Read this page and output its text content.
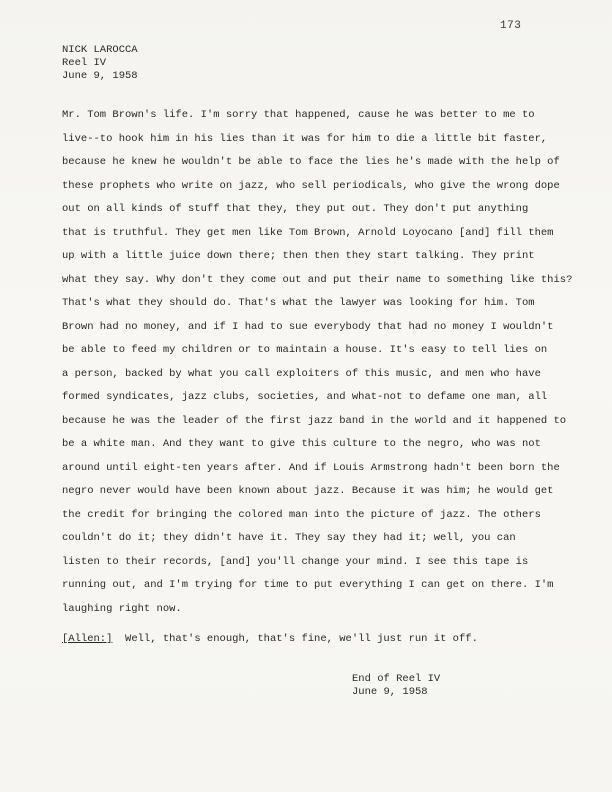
173
NICK LAROCCA
Reel IV
June 9, 1958
Mr. Tom Brown's life. I'm sorry that happened, cause he was better to me to
live--to hook him in his lies than it was for him to die a little bit faster,
because he knew he wouldn't be able to face the lies he's made with the help of
these prophets who write on jazz, who sell periodicals, who give the wrong dope
out on all kinds of stuff that they, they put out. They don't put anything
that is truthful. They get men like Tom Brown, Arnold Loyocano [and] fill them
up with a little juice down there; then then they start talking. They print
what they say. Why don't they come out and put their name to something like this?
That's what they should do. That's what the lawyer was looking for him. Tom
Brown had no money, and if I had to sue everybody that had no money I wouldn't
be able to feed my children or to maintain a house. It's easy to tell lies on
a person, backed by what you call exploiters of this music, and men who have
formed syndicates, jazz clubs, societies, and what-not to defame one man, all
because he was the leader of the first jazz band in the world and it happened to
be a white man. And they want to give this culture to the negro, who was not
around until eight-ten years after. And if Louis Armstrong hadn't been born the
negro never would have been known about jazz. Because it was him; he would get
the credit for bringing the colored man into the picture of jazz. The others
couldn't do it; they didn't have it. They say they had it; well, you can
listen to their records, [and] you'll change your mind. I see this tape is
running out, and I'm trying for time to put everything I can get on there. I'm
laughing right now.
[Allen:]  Well, that's enough, that's fine, we'll just run it off.
End of Reel IV
June 9, 1958
